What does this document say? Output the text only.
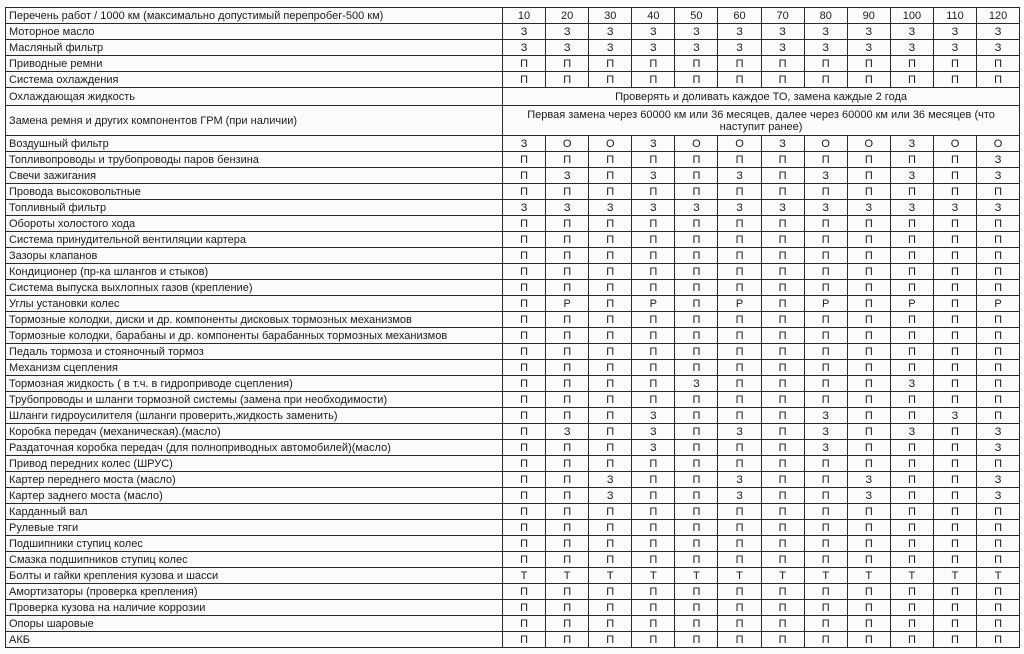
Перечень работ / 1000 км (максимально допустимый перепробег-500 км)	10	20	30	40	50	60	70	80	90	100	110	120
Моторное масло	З	З	З	З	З	З	З	З	З	З	З	З
Масляный фильтр	З	З	З	З	З	З	З	З	З	З	З	З
Приводные ремни	П	П	П	П	П	П	П	П	П	П	П	П
Система охлаждения	П	П	П	П	П	П	П	П	П	П	П	П
Охлаждающая жидкость	Проверять и доливать каждое ТО, замена каждые 2 года											
Замена ремня и других компонентов ГРМ (при наличии)	Первая замена через 60000 км или 36 месяцев, далее через 60000 км или 36 месяцев (что наступит ранее)											
Воздушный фильтр	З	О	О	З	О	О	З	О	О	З	О	О
Топливопроводы и трубопроводы паров бензина	П	П	П	П	П	П	П	П	П	П	П	З
Свечи зажигания	П	З	П	З	П	З	П	З	П	З	П	З
Провода высоковольтные	П	П	П	П	П	П	П	П	П	П	П	П
Топливный фильтр	З	З	З	З	З	З	З	З	З	З	З	З
Обороты холостого хода	П	П	П	П	П	П	П	П	П	П	П	П
Система принудительной вентиляции картера	П	П	П	П	П	П	П	П	П	П	П	П
Зазоры клапанов	П	П	П	П	П	П	П	П	П	П	П	П
Кондиционер (пр-ка шлангов и стыков)	П	П	П	П	П	П	П	П	П	П	П	П
Система выпуска выхлопных газов (крепление)	П	П	П	П	П	П	П	П	П	П	П	П
Углы установки колес	П	Р	П	Р	П	Р	П	Р	П	Р	П	Р
Тормозные колодки, диски и др. компоненты дисковых тормозных механизмов	П	П	П	П	П	П	П	П	П	П	П	П
Тормозные колодки, барабаны и др. компоненты барабанных тормозных механизмов	П	П	П	П	П	П	П	П	П	П	П	П
Педаль тормоза и стояночный тормоз	П	П	П	П	П	П	П	П	П	П	П	П
Механизм сцепления	П	П	П	П	П	П	П	П	П	П	П	П
Тормозная жидкость ( в т.ч. в гидроприводе сцепления)	П	П	П	П	З	П	П	П	П	З	П	П
Трубопроводы и шланги тормозной системы (замена при необходимости)	П	П	П	П	П	П	П	П	П	П	П	П
Шланги гидроусилителя (шланги проверить,жидкость заменить)	П	П	П	З	П	П	П	З	П	П	З	П
Коробка передач (механическая).(масло)	П	З	П	З	П	З	П	З	П	З	П	З
Раздаточная коробка передач (для полноприводных автомобилей)(масло)	П	П	П	З	П	П	П	З	П	П	П	З
Привод передних колес (ШРУС)	П	П	П	П	П	П	П	П	П	П	П	П
Картер переднего моста (масло)	П	П	З	П	П	З	П	П	З	П	П	З
Картер заднего моста (масло)	П	П	З	П	П	З	П	П	З	П	П	З
Карданный вал	П	П	П	П	П	П	П	П	П	П	П	П
Рулевые тяги	П	П	П	П	П	П	П	П	П	П	П	П
Подшипники ступиц колес	П	П	П	П	П	П	П	П	П	П	П	П
Смазка подшипников ступиц колес	П	П	П	П	П	П	П	П	П	П	П	П
Болты и гайки крепления кузова и шасси	Т	Т	Т	Т	Т	Т	Т	Т	Т	Т	Т	Т
Амортизаторы (проверка крепления)	П	П	П	П	П	П	П	П	П	П	П	П
Проверка кузова на наличие коррозии	П	П	П	П	П	П	П	П	П	П	П	П
Опоры шаровые	П	П	П	П	П	П	П	П	П	П	П	П
АКБ	П	П	П	П	П	П	П	П	П	П	П	П
